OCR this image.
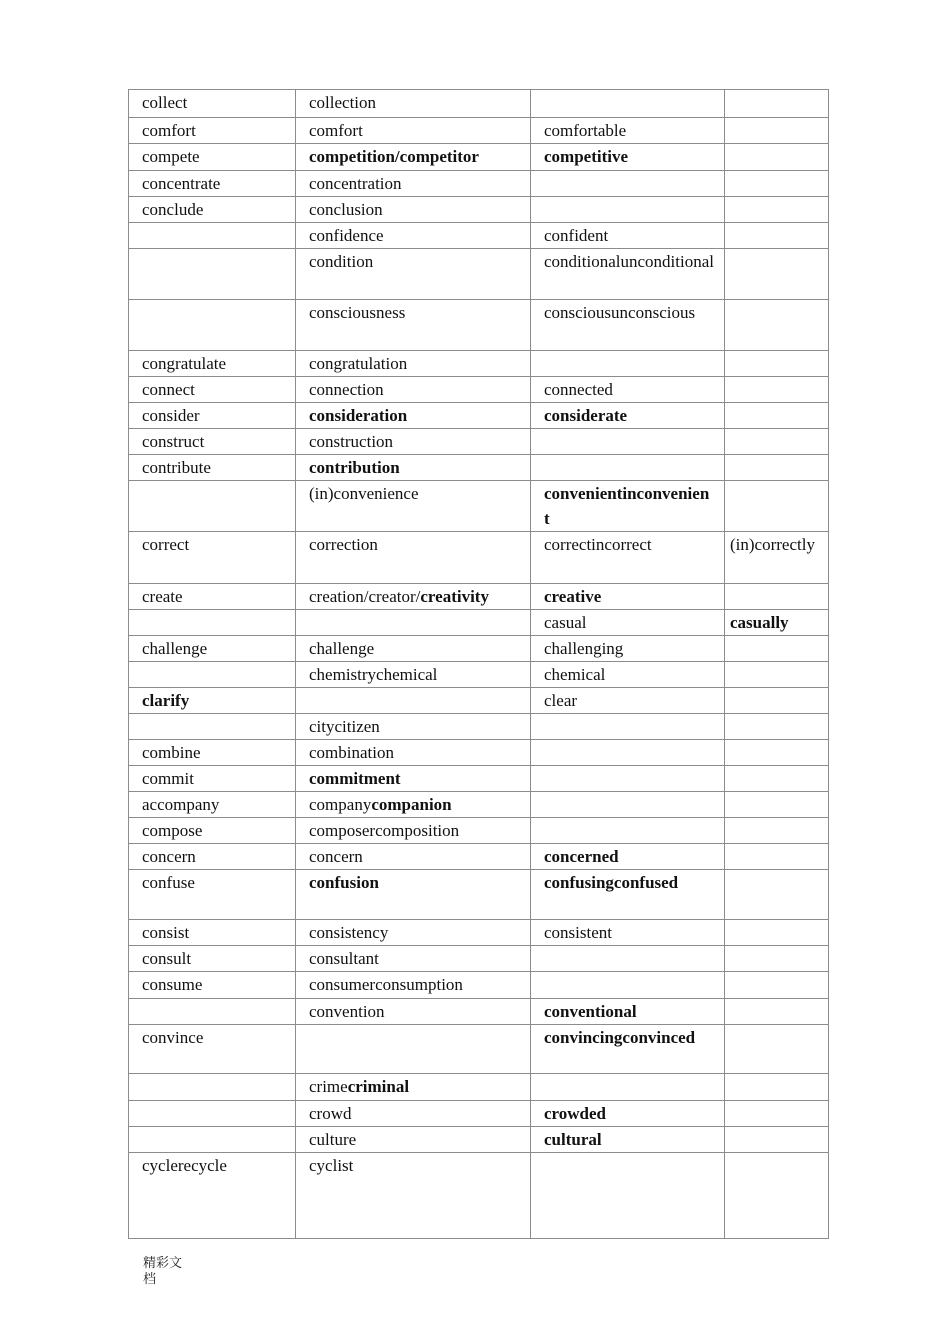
collect	collection		
comfort	comfort	comfortable	
compete	competition/competitor	competitive	
concentrate	concentration		
conclude	conclusion		
	confidence	confident	
	condition	conditionalunconditional	
	consciousness	consciousunconscious	
congratulate	congratulation		
connect	connection	connected	
consider	consideration	considerate	
construct	construction		
contribute	contribution		
	(in)convenience	convenientinconvenient	
correct	correction	correctincorrect	(in)correctly
create	creation/creator/creativity	creative	
		casual	casually
challenge	challenge	challenging	
	chemistrychemical	chemical	
clarify		clear	
	citycitizen		
combine	combination		
commit	commitment		
accompany	companycompanion		
compose	composercomposition		
concern	concern	concerned	
confuse	confusion	confusingconfused	
consist	consistency	consistent	
consult	consultant		
consume	consumerconsumption		
	convention	conventional	
convince		convincingconvinced	
	crimecriminal		
	crowd	crowded	
	culture	cultural	
cyclerecycle	cyclist		
精彩文档
